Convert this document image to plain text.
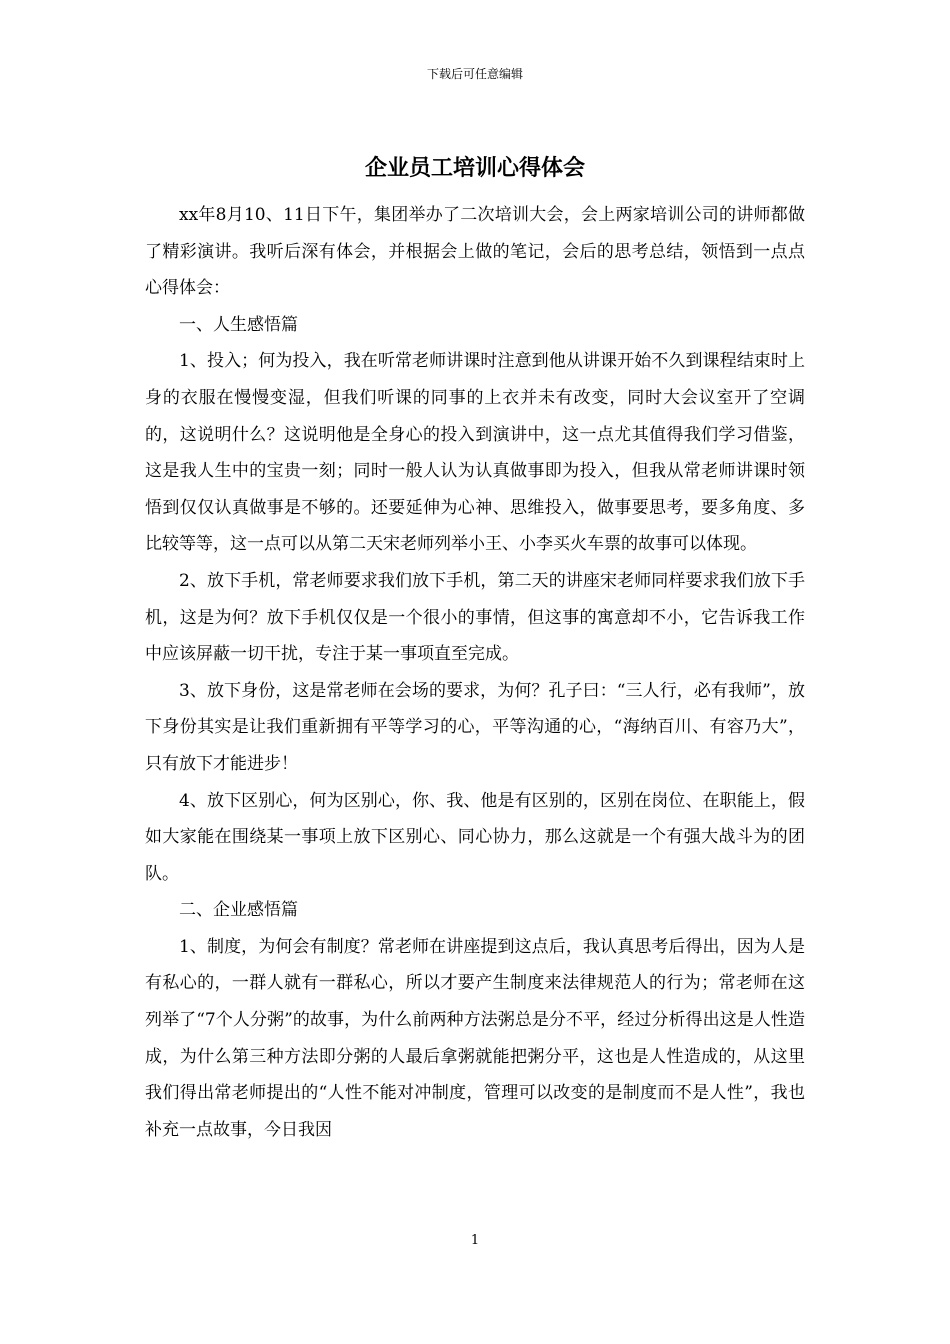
下载后可任意编辑
企业员工培训心得体会

xx年8月10、11日下午，集团举办了二次培训大会，会上两家培训公司的讲师都做了精彩演讲。我听后深有体会，并根据会上做的笔记，会后的思考总结，领悟到一点点心得体会：

一、人生感悟篇

1、投入；何为投入，我在听常老师讲课时注意到他从讲课开始不久到课程结束时上身的衣服在慢慢变湿，但我们听课的同事的上衣并未有改变，同时大会议室开了空调的，这说明什么？这说明他是全身心的投入到演讲中，这一点尤其值得我们学习借鉴，这是我人生中的宝贵一刻；同时一般人认为认真做事即为投入，但我从常老师讲课时领悟到仅仅认真做事是不够的。还要延伸为心神、思维投入，做事要思考，要多角度、多比较等等，这一点可以从第二天宋老师列举小王、小李买火车票的故事可以体现。

2、放下手机，常老师要求我们放下手机，第二天的讲座宋老师同样要求我们放下手机，这是为何？放下手机仅仅是一个很小的事情，但这事的寓意却不小，它告诉我工作中应该屏蔽一切干扰，专注于某一事项直至完成。

3、放下身份，这是常老师在会场的要求，为何？孔子曰：“三人行，必有我师”，放下身份其实是让我们重新拥有平等学习的心，平等沟通的心，“海纳百川、有容乃大”，只有放下才能进步！

4、放下区别心，何为区别心，你、我、他是有区别的，区别在岗位、在职能上，假如大家能在围绕某一事项上放下区别心、同心协力，那么这就是一个有强大战斗为的团队。

二、企业感悟篇

1、制度，为何会有制度？常老师在讲座提到这点后，我认真思考后得出，因为人是有私心的，一群人就有一群私心，所以才要产生制度来法律规范人的行为；常老师在这列举了“7个人分粥”的故事，为什么前两种方法粥总是分不平，经过分析得出这是人性造成，为什么第三种方法即分粥的人最后拿粥就能把粥分平，这也是人性造成的，从这里我们得出常老师提出的“人性不能对冲制度，管理可以改变的是制度而不是人性”，我也补充一点故事，今日我因

1
